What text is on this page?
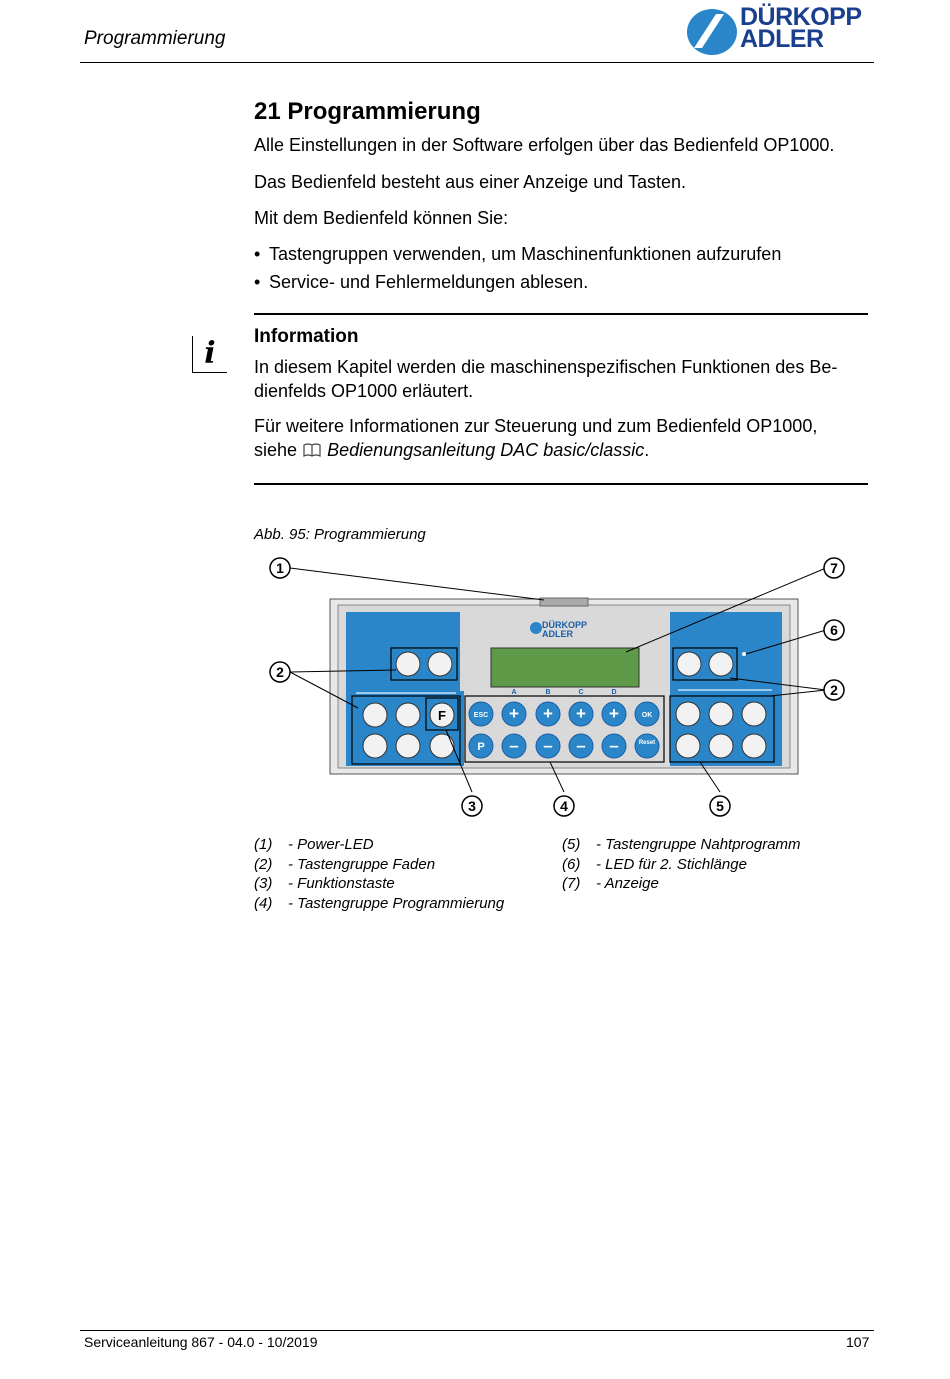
Programmierung
DÜRKOPP
ADLER
21 Programmierung

Alle Einstellungen in der Software erfolgen über das Bedienfeld OP1000.

Das Bedienfeld besteht aus einer Anzeige und Tasten.

Mit dem Bedienfeld können Sie:

• Tastengruppen verwenden, um Maschinenfunktionen aufzurufen
• Service- und Fehlermeldungen ablesen.
i	Information

In diesem Kapitel werden die maschinenspezifischen Funktionen des Be-

dienfelds OP1000 erläutert.

Für weitere Informationen zur Steuerung und zum Bedienfeld OP1000,

siehe Bedienungsanleitung DAC basic/classic.

Abb. 95: Programmierung
DÜRKOPP ADLER
F
A	B	C	D
ESC + + + +	OK
P – – – –	Reset
1
2
3	4	5
6
7
2
(1) - Power-LED
(2) - Tastengruppe Faden
(3) - Funktionstaste
(4) - Tastengruppe Programmierung
(5) - Tastengruppe Nahtprogramm
(6) - LED für 2. Stichlänge
(7) - Anzeige
Serviceanleitung 867 - 04.0 - 10/2019	107
